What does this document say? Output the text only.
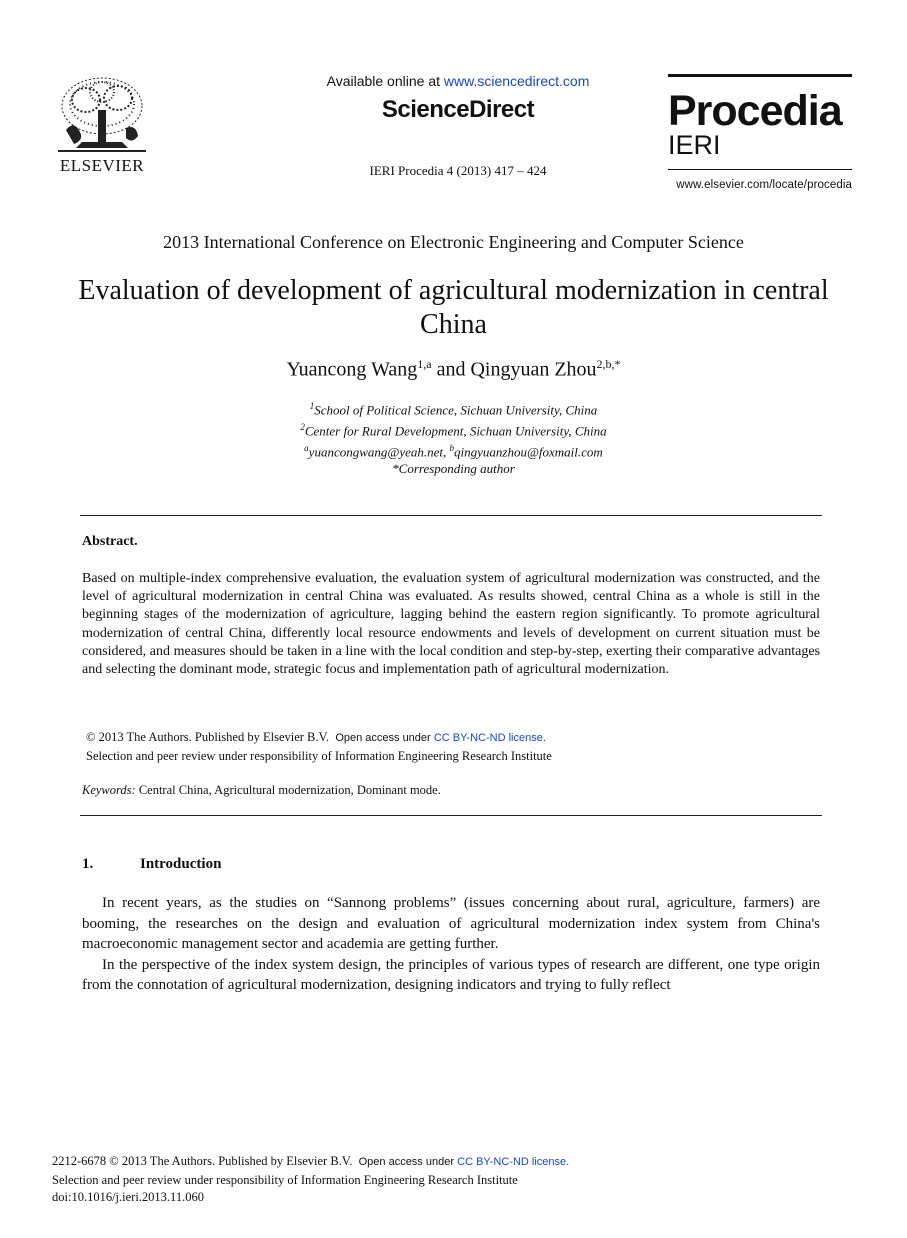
ELSEVIER
Available online at www.sciencedirect.com
ScienceDirect
IERI Procedia 4 (2013) 417 – 424
Procedia
IERI
www.elsevier.com/locate/procedia
2013 International Conference on Electronic Engineering and Computer Science
Evaluation of development of agricultural modernization in central China
Yuancong Wang$^{1,a}$ and Qingyuan Zhou$^{2,b,*}$
$^1$School of Political Science, Sichuan University, China
$^2$Center for Rural Development, Sichuan University, China
$^a$yuancongwang@yeah.net, $^b$qingyuanzhou@foxmail.com
*Corresponding author
Abstract.
Based on multiple-index comprehensive evaluation, the evaluation system of agricultural modernization was constructed, and the level of agricultural modernization in central China was evaluated. As results showed, central China as a whole is still in the beginning stages of the modernization of agriculture, lagging behind the eastern region significantly. To promote agricultural modernization of central China, differently local resource endowments and levels of development on current situation must be considered, and measures should be taken in a line with the local condition and step-by-step, exerting their comparative advantages and selecting the dominant mode, strategic focus and implementation path of agricultural modernization.
© 2013 The Authors. Published by Elsevier B.V. Open access under CC BY-NC-ND license.
Selection and peer review under responsibility of Information Engineering Research Institute
Keywords: Central China, Agricultural modernization, Dominant mode.
1.	Introduction

In recent years, as the studies on “Sannong problems” (issues concerning about rural, agriculture, farmers) are booming, the researches on the design and evaluation of agricultural modernization index system from China's macroeconomic management sector and academia are getting further.

In the perspective of the index system design, the principles of various types of research are different, one type origin from the connotation of agricultural modernization, designing indicators and trying to fully reflect

2212-6678 © 2013 The Authors. Published by Elsevier B.V. Open access under CC BY-NC-ND license.
Selection and peer review under responsibility of Information Engineering Research Institute
doi:10.1016/j.ieri.2013.11.060
